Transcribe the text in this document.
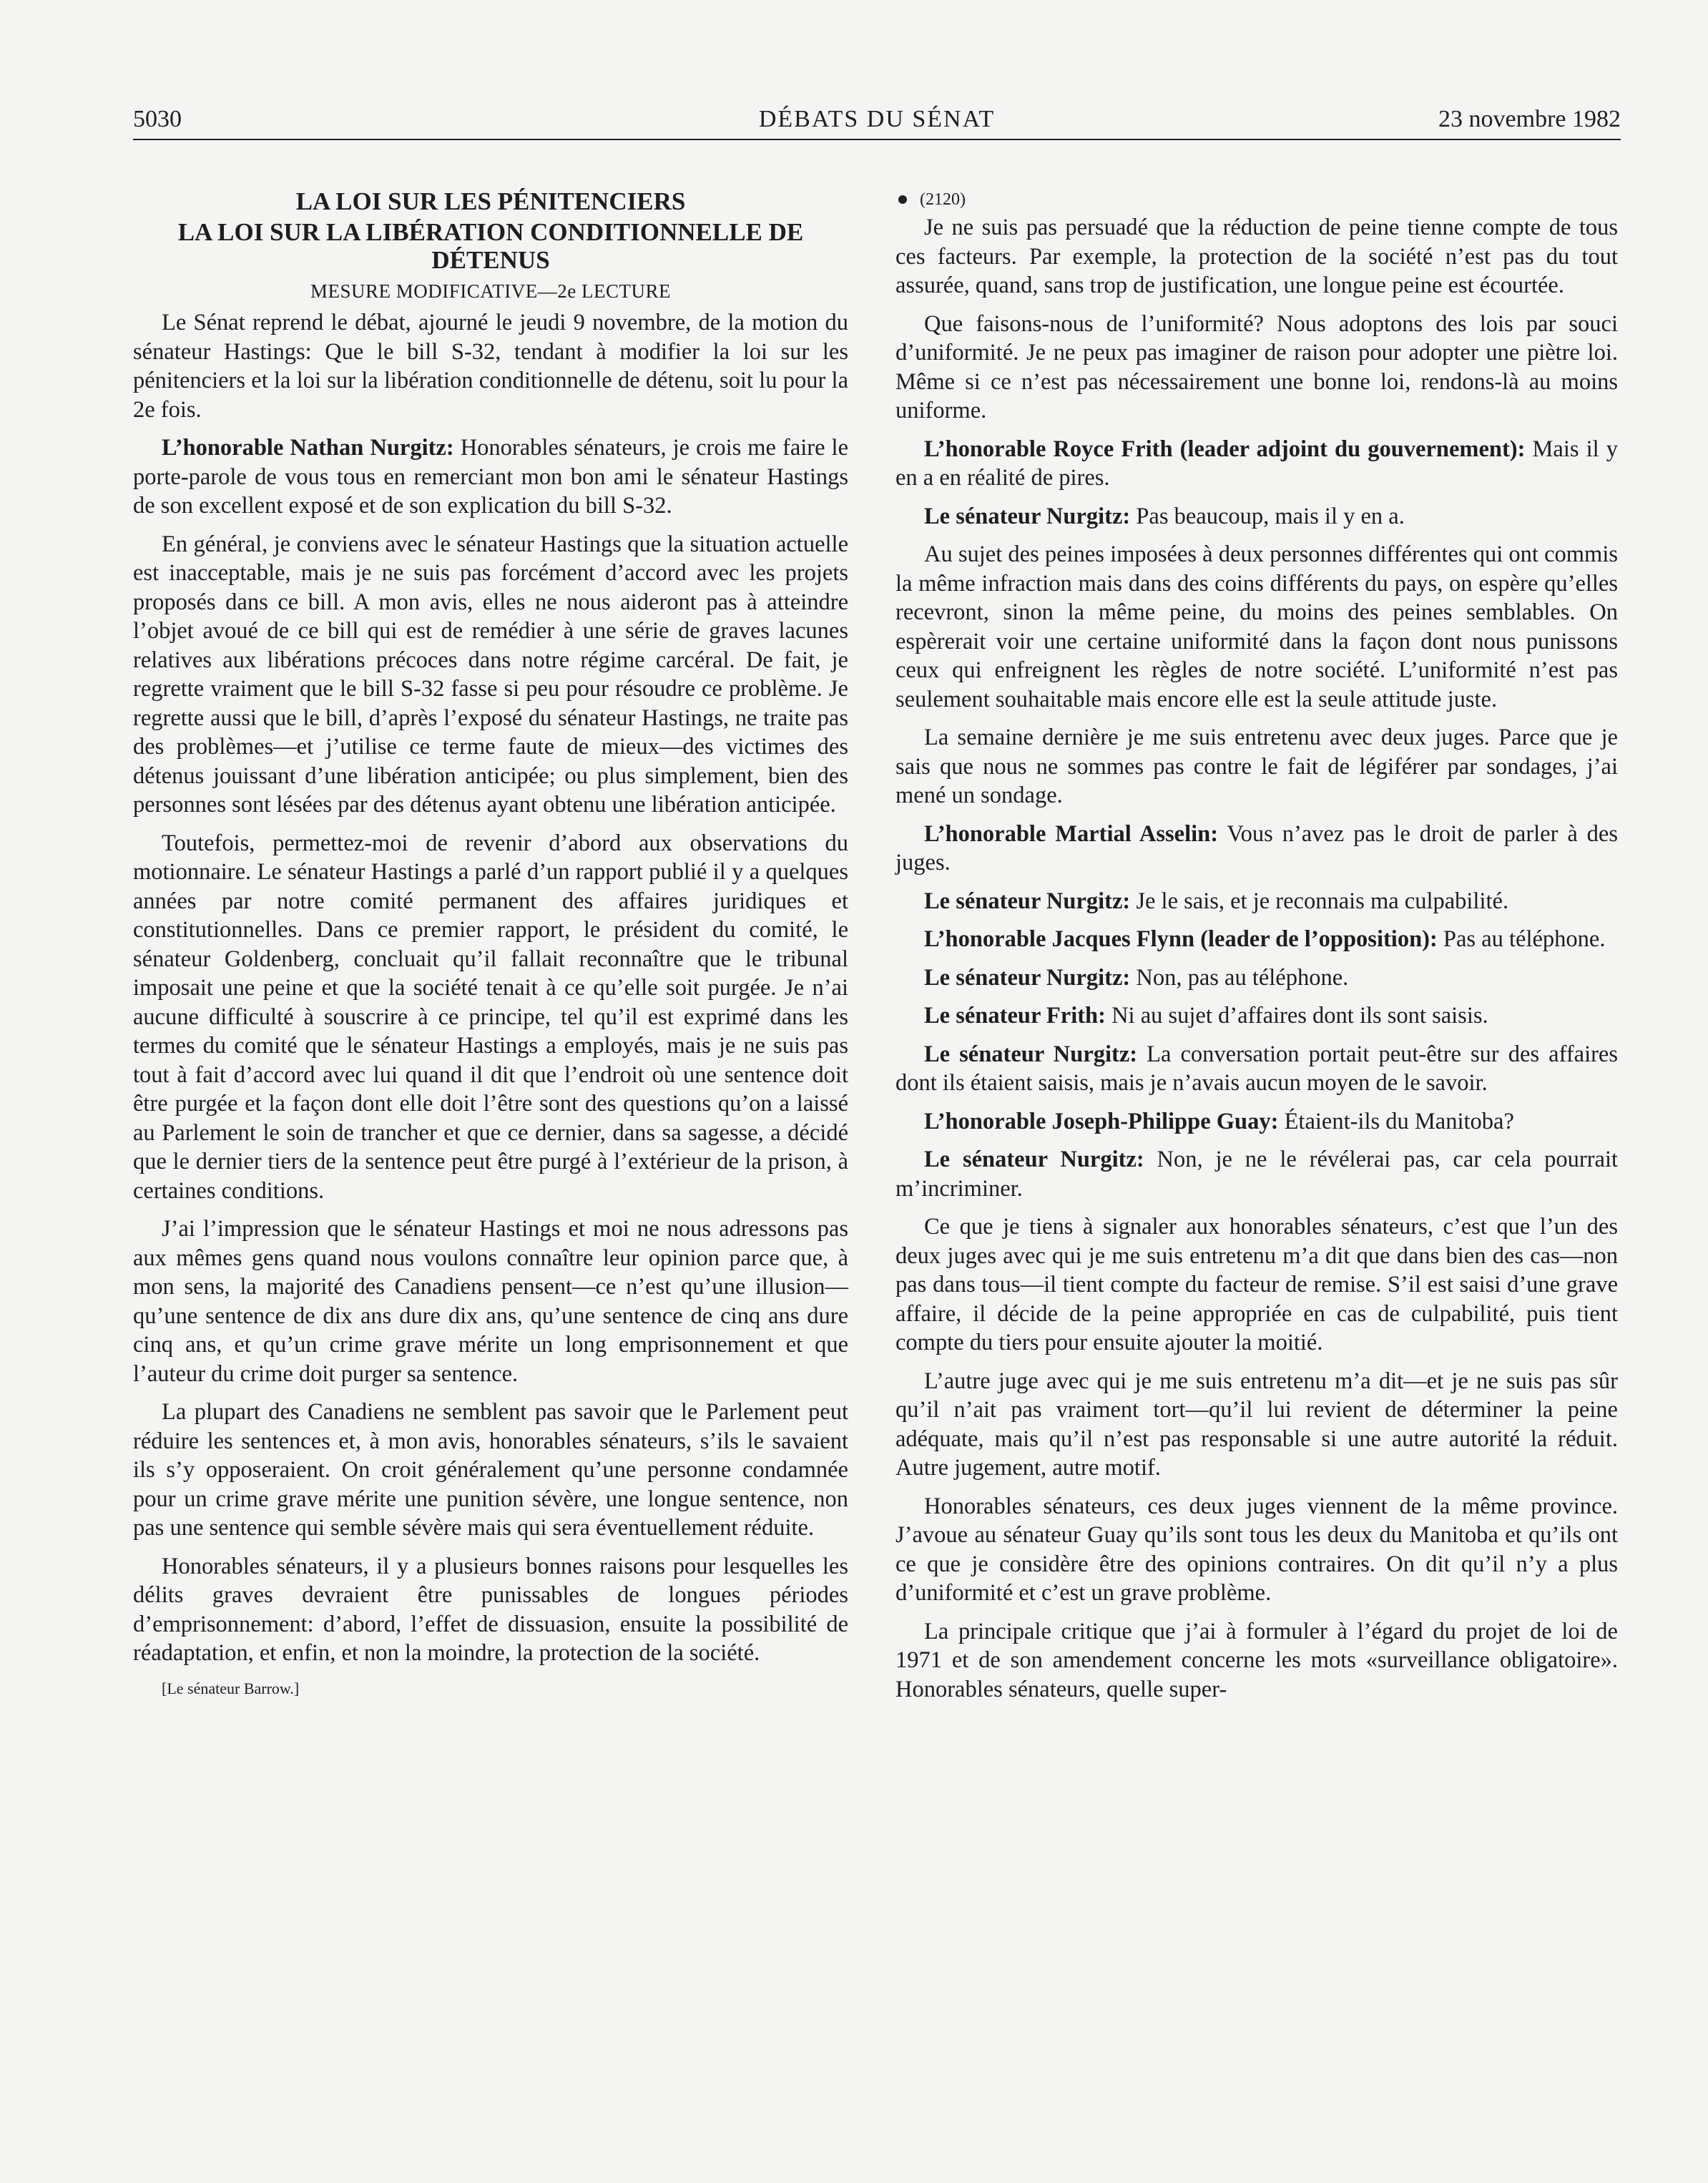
5030	DÉBATS DU SÉNAT	23 novembre 1982
LA LOI SUR LES PÉNITENCIERS
LA LOI SUR LA LIBÉRATION CONDITIONNELLE DE DÉTENUS
MESURE MODIFICATIVE—2e LECTURE

Le Sénat reprend le débat, ajourné le jeudi 9 novembre, de la motion du sénateur Hastings: Que le bill S-32, tendant à modifier la loi sur les pénitenciers et la loi sur la libération conditionnelle de détenu, soit lu pour la 2e fois.

L’honorable Nathan Nurgitz: Honorables sénateurs, je crois me faire le porte-parole de vous tous en remerciant mon bon ami le sénateur Hastings de son excellent exposé et de son explication du bill S-32.

En général, je conviens avec le sénateur Hastings que la situation actuelle est inacceptable, mais je ne suis pas forcément d’accord avec les projets proposés dans ce bill. A mon avis, elles ne nous aideront pas à atteindre l’objet avoué de ce bill qui est de remédier à une série de graves lacunes relatives aux libérations précoces dans notre régime carcéral. De fait, je regrette vraiment que le bill S-32 fasse si peu pour résoudre ce problème. Je regrette aussi que le bill, d’après l’exposé du sénateur Hastings, ne traite pas des problèmes—et j’utilise ce terme faute de mieux—des victimes des détenus jouissant d’une libération anticipée; ou plus simplement, bien des personnes sont lésées par des détenus ayant obtenu une libération anticipée.

Toutefois, permettez-moi de revenir d’abord aux observations du motionnaire. Le sénateur Hastings a parlé d’un rapport publié il y a quelques années par notre comité permanent des affaires juridiques et constitutionnelles. Dans ce premier rapport, le président du comité, le sénateur Goldenberg, concluait qu’il fallait reconnaître que le tribunal imposait une peine et que la société tenait à ce qu’elle soit purgée. Je n’ai aucune difficulté à souscrire à ce principe, tel qu’il est exprimé dans les termes du comité que le sénateur Hastings a employés, mais je ne suis pas tout à fait d’accord avec lui quand il dit que l’endroit où une sentence doit être purgée et la façon dont elle doit l’être sont des questions qu’on a laissé au Parlement le soin de trancher et que ce dernier, dans sa sagesse, a décidé que le dernier tiers de la sentence peut être purgé à l’extérieur de la prison, à certaines conditions.

J’ai l’impression que le sénateur Hastings et moi ne nous adressons pas aux mêmes gens quand nous voulons connaître leur opinion parce que, à mon sens, la majorité des Canadiens pensent—ce n’est qu’une illusion—qu’une sentence de dix ans dure dix ans, qu’une sentence de cinq ans dure cinq ans, et qu’un crime grave mérite un long emprisonnement et que l’auteur du crime doit purger sa sentence.

La plupart des Canadiens ne semblent pas savoir que le Parlement peut réduire les sentences et, à mon avis, honorables sénateurs, s’ils le savaient ils s’y opposeraient. On croit généralement qu’une personne condamnée pour un crime grave mérite une punition sévère, une longue sentence, non pas une sentence qui semble sévère mais qui sera éventuellement réduite.

Honorables sénateurs, il y a plusieurs bonnes raisons pour lesquelles les délits graves devraient être punissables de longues périodes d’emprisonnement: d’abord, l’effet de dissuasion, ensuite la possibilité de réadaptation, et enfin, et non la moindre, la protection de la société.

[Le sénateur Barrow.]
(2120)

Je ne suis pas persuadé que la réduction de peine tienne compte de tous ces facteurs. Par exemple, la protection de la société n’est pas du tout assurée, quand, sans trop de justification, une longue peine est écourtée.

Que faisons-nous de l’uniformité? Nous adoptons des lois par souci d’uniformité. Je ne peux pas imaginer de raison pour adopter une piètre loi. Même si ce n’est pas nécessairement une bonne loi, rendons-là au moins uniforme.

L’honorable Royce Frith (leader adjoint du gouvernement): Mais il y en a en réalité de pires.

Le sénateur Nurgitz: Pas beaucoup, mais il y en a.

Au sujet des peines imposées à deux personnes différentes qui ont commis la même infraction mais dans des coins différents du pays, on espère qu’elles recevront, sinon la même peine, du moins des peines semblables. On espèrerait voir une certaine uniformité dans la façon dont nous punissons ceux qui enfreignent les règles de notre société. L’uniformité n’est pas seulement souhaitable mais encore elle est la seule attitude juste.

La semaine dernière je me suis entretenu avec deux juges. Parce que je sais que nous ne sommes pas contre le fait de légiférer par sondages, j’ai mené un sondage.

L’honorable Martial Asselin: Vous n’avez pas le droit de parler à des juges.

Le sénateur Nurgitz: Je le sais, et je reconnais ma culpabilité.

L’honorable Jacques Flynn (leader de l’opposition): Pas au téléphone.

Le sénateur Nurgitz: Non, pas au téléphone.

Le sénateur Frith: Ni au sujet d’affaires dont ils sont saisis.

Le sénateur Nurgitz: La conversation portait peut-être sur des affaires dont ils étaient saisis, mais je n’avais aucun moyen de le savoir.

L’honorable Joseph-Philippe Guay: Étaient-ils du Manitoba?

Le sénateur Nurgitz: Non, je ne le révélerai pas, car cela pourrait m’incriminer.

Ce que je tiens à signaler aux honorables sénateurs, c’est que l’un des deux juges avec qui je me suis entretenu m’a dit que dans bien des cas—non pas dans tous—il tient compte du facteur de remise. S’il est saisi d’une grave affaire, il décide de la peine appropriée en cas de culpabilité, puis tient compte du tiers pour ensuite ajouter la moitié.

L’autre juge avec qui je me suis entretenu m’a dit—et je ne suis pas sûr qu’il n’ait pas vraiment tort—qu’il lui revient de déterminer la peine adéquate, mais qu’il n’est pas responsable si une autre autorité la réduit. Autre jugement, autre motif.

Honorables sénateurs, ces deux juges viennent de la même province. J’avoue au sénateur Guay qu’ils sont tous les deux du Manitoba et qu’ils ont ce que je considère être des opinions contraires. On dit qu’il n’y a plus d’uniformité et c’est un grave problème.

La principale critique que j’ai à formuler à l’égard du projet de loi de 1971 et de son amendement concerne les mots «surveillance obligatoire». Honorables sénateurs, quelle super-
